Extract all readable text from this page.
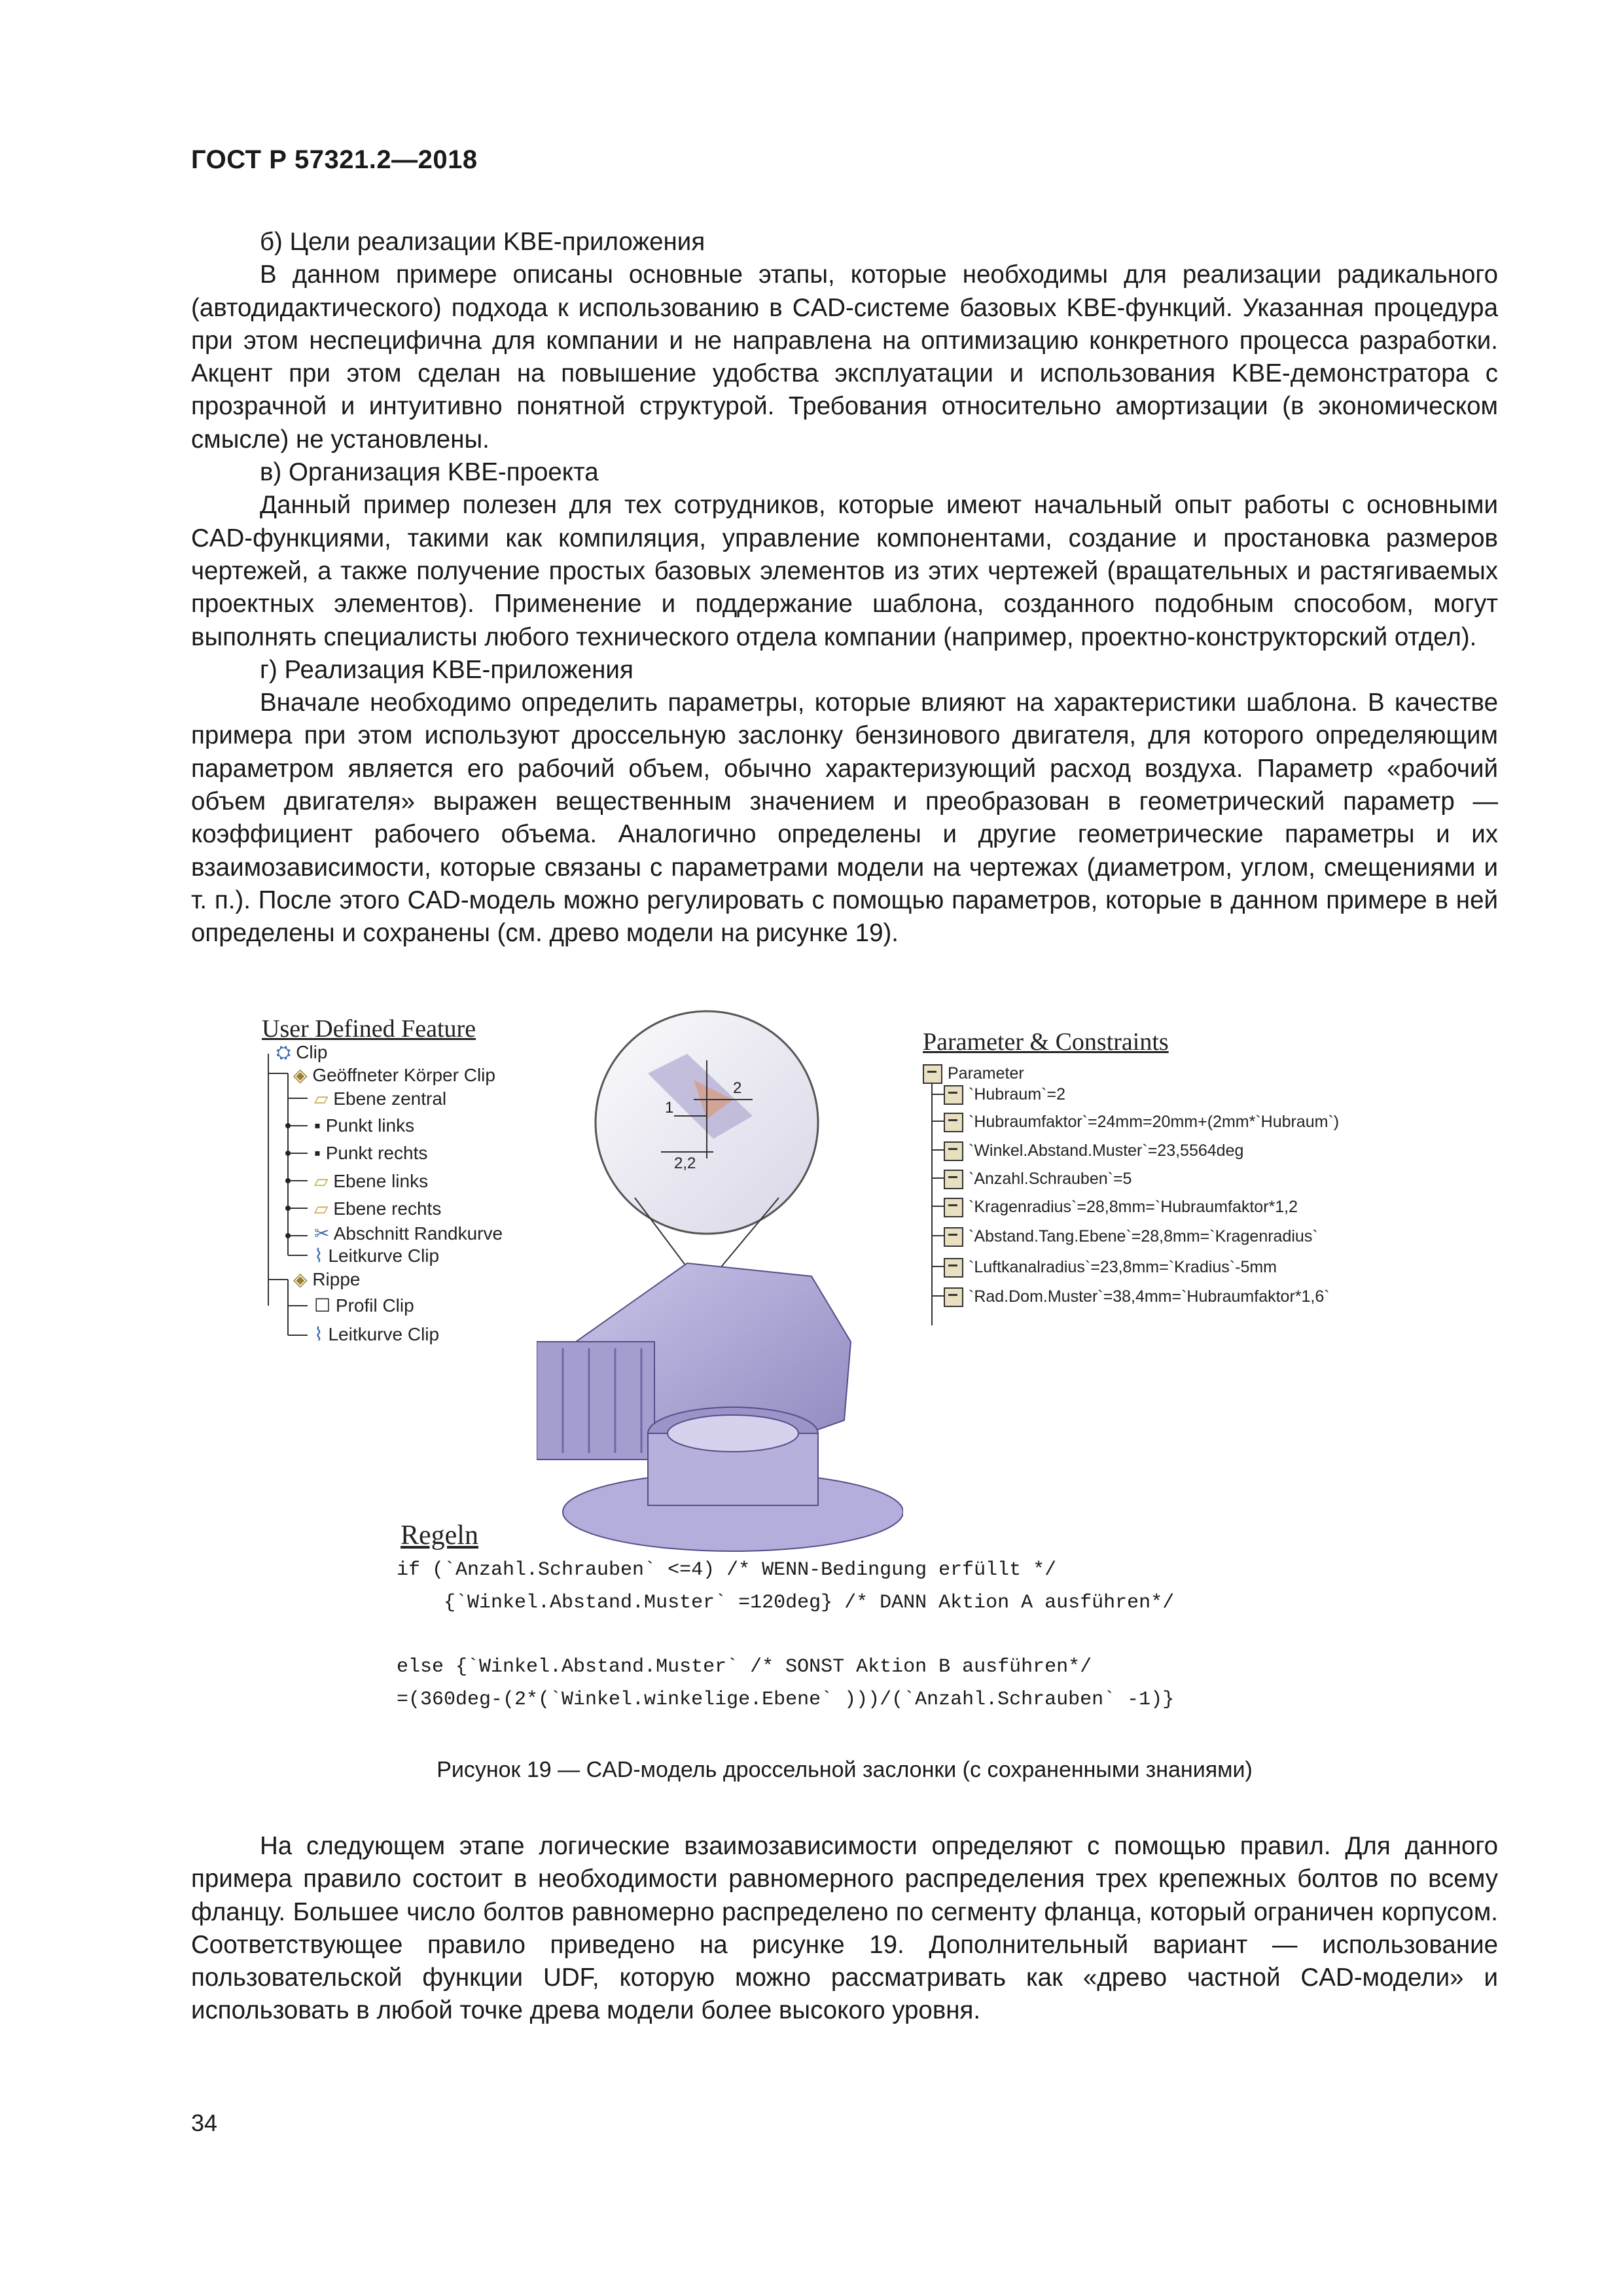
ГОСТ Р 57321.2—2018

б) Цели реализации KBE-приложения

В данном примере описаны основные этапы, которые необходимы для реализации радикального (автодидактического) подхода к использованию в CAD-системе базовых KBE-функций. Указанная процедура при этом неспецифична для компании и не направлена на оптимизацию конкретного процесса разработки. Акцент при этом сделан на повышение удобства эксплуатации и использования KBE-демонстратора с прозрачной и интуитивно понятной структурой. Требования относительно амортизации (в экономическом смысле) не установлены.

в) Организация KBE-проекта

Данный пример полезен для тех сотрудников, которые имеют начальный опыт работы с основными CAD-функциями, такими как компиляция, управление компонентами, создание и простановка размеров чертежей, а также получение простых базовых элементов из этих чертежей (вращательных и растягиваемых проектных элементов). Применение и поддержание шаблона, созданного подобным способом, могут выполнять специалисты любого технического отдела компании (например, проектно-конструкторский отдел).

г) Реализация KBE-приложения

Вначале необходимо определить параметры, которые влияют на характеристики шаблона. В качестве примера при этом используют дроссельную заслонку бензинового двигателя, для которого определяющим параметром является его рабочий объем, обычно характеризующий расход воздуха. Параметр «рабочий объем двигателя» выражен вещественным значением и преобразован в геометрический параметр — коэффициент рабочего объема. Аналогично определены и другие геометрические параметры и их взаимозависимости, которые связаны с параметрами модели на чертежах (диаметром, углом, смещениями и т. п.). После этого CAD-модель можно регулировать с помощью параметров, которые в данном примере в ней определены и сохранены (см. древо модели на рисунке 19).

User Defined Feature
⛭ Clip
◈ Geöffneter Körper Clip
▱ Ebene zentral
▪ Punkt links
▪ Punkt rechts
▱ Ebene links
▱ Ebene rechts
✂ Abschnitt Randkurve
⌇ Leitkurve Clip
◈ Rippe
☐ Profil Clip
⌇ Leitkurve Clip
2
1
2,2
Parameter & Constraints
Parameter
`Hubraum`=2
`Hubraumfaktor`=24mm=20mm+(2mm*`Hubraum`)
`Winkel.Abstand.Muster`=23,5564deg
`Anzahl.Schrauben`=5
`Kragenradius`=28,8mm=`Hubraumfaktor*1,2
`Abstand.Tang.Ebene`=28,8mm=`Kragenradius`
`Luftkanalradius`=23,8mm=`Kradius`-5mm
`Rad.Dom.Muster`=38,4mm=`Hubraumfaktor*1,6`
Regeln
if (`Anzahl.Schrauben` <=4) /* WENN-Bedingung erfüllt */
{`Winkel.Abstand.Muster` =120deg} /* DANN Aktion A ausführen*/
else {`Winkel.Abstand.Muster` /* SONST Aktion B ausführen*/
=(360deg-(2*(`Winkel.winkelige.Ebene` )))/(`Anzahl.Schrauben` -1)}
Рисунок 19 — CAD-модель дроссельной заслонки (с сохраненными знаниями)

На следующем этапе логические взаимозависимости определяют с помощью правил. Для данного примера правило состоит в необходимости равномерного распределения трех крепежных болтов по всему фланцу. Большее число болтов равномерно распределено по сегменту фланца, который ограничен корпусом. Соответствующее правило приведено на рисунке 19. Дополнительный вариант — использование пользовательской функции UDF, которую можно рассматривать как «древо частной CAD-модели» и использовать в любой точке древа модели более высокого уровня.

34
